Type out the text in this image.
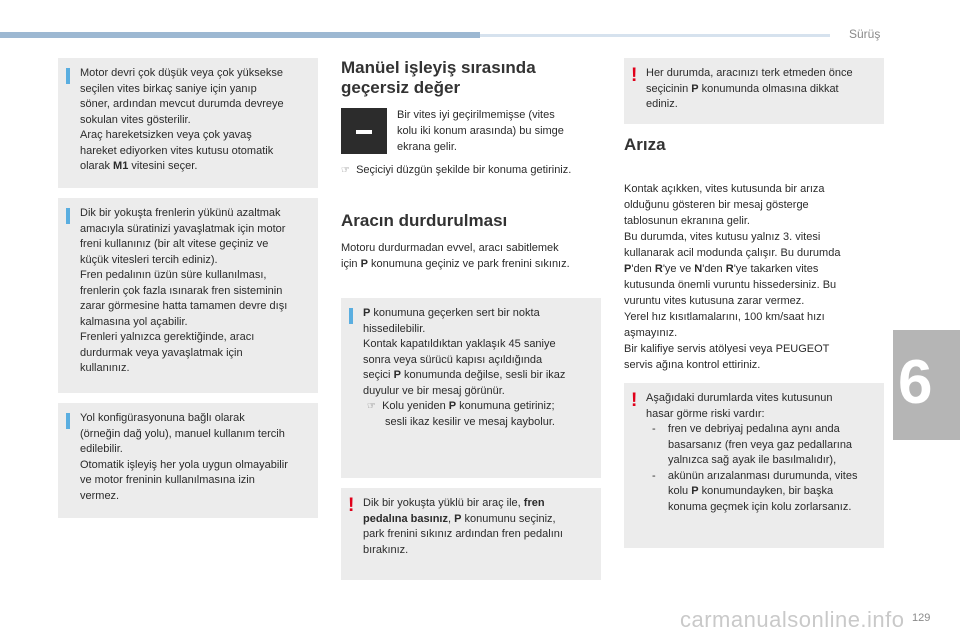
Sürüş
Motor devri çok düşük veya çok yüksekse
seçilen vites birkaç saniye için yanıp
söner, ardından mevcut durumda devreye
sokulan vites gösterilir.
Araç hareketsizken veya çok yavaş
hareket ediyorken vites kutusu otomatik
olarak M1 vitesini seçer.
Dik bir yokuşta frenlerin yükünü azaltmak
amacıyla süratinizi yavaşlatmak için motor
freni kullanınız (bir alt vitese geçiniz ve
küçük vitesleri tercih ediniz).
Fren pedalının üzün süre kullanılması,
frenlerin çok fazla ısınarak fren sisteminin
zarar görmesine hatta tamamen devre dışı
kalmasına yol açabilir.
Frenleri yalnızca gerektiğinde, aracı
durdurmak veya yavaşlatmak için
kullanınız.
Yol konfigürasyonuna bağlı olarak
(örneğin dağ yolu), manuel kullanım tercih
edilebilir.
Otomatik işleyiş her yola uygun olmayabilir
ve motor freninin kullanılmasına izin
vermez.
Manüel işleyiş sırasında
geçersiz değer
Bir vites iyi geçirilmemişse (vites
kolu iki konum arasında) bu simge
ekrana gelir.
☞ Seçiciyi düzgün şekilde bir konuma getiriniz.
Aracın durdurulması
Motoru durdurmadan evvel, aracı sabitlemek
için P konumuna geçiniz ve park frenini sıkınız.
P konumuna geçerken sert bir nokta
hissedilebilir.
Kontak kapatıldıktan yaklaşık 45 saniye
sonra veya sürücü kapısı açıldığında
seçici P konumunda değilse, sesli bir ikaz
duyulur ve bir mesaj görünür.
☞ Kolu yeniden P konumuna getiriniz;
sesli ikaz kesilir ve mesaj kaybolur.
! Dik bir yokuşta yüklü bir araç ile, fren
pedalına basınız, P konumunu seçiniz,
park frenini sıkınız ardından fren pedalını
bırakınız.
! Her durumda, aracınızı terk etmeden önce
seçicinin P konumunda olmasına dikkat
ediniz.
Arıza
Kontak açıkken, vites kutusunda bir arıza
olduğunu gösteren bir mesaj gösterge
tablosunun ekranına gelir.
Bu durumda, vites kutusu yalnız 3. vitesi
kullanarak acil modunda çalışır. Bu durumda
P'den R'ye ve N'den R'ye takarken vites
kutusunda önemli vuruntu hissedersiniz. Bu
vuruntu vites kutusuna zarar vermez.
Yerel hız kısıtlamalarını, 100 km/saat hızı
aşmayınız.
Bir kalifiye servis atölyesi veya PEUGEOT
servis ağına kontrol ettiriniz.
! Aşağıdaki durumlarda vites kutusunun
hasar görme riski vardır:
- fren ve debriyaj pedalına aynı anda
basarsanız (fren veya gaz pedallarına
yalnızca sağ ayak ile basılmalıdır),
- akünün arızalanması durumunda, vites
kolu P konumundayken, bir başka
konuma geçmek için kolu zorlarsanız.
6
carmanualsonline.info 129
